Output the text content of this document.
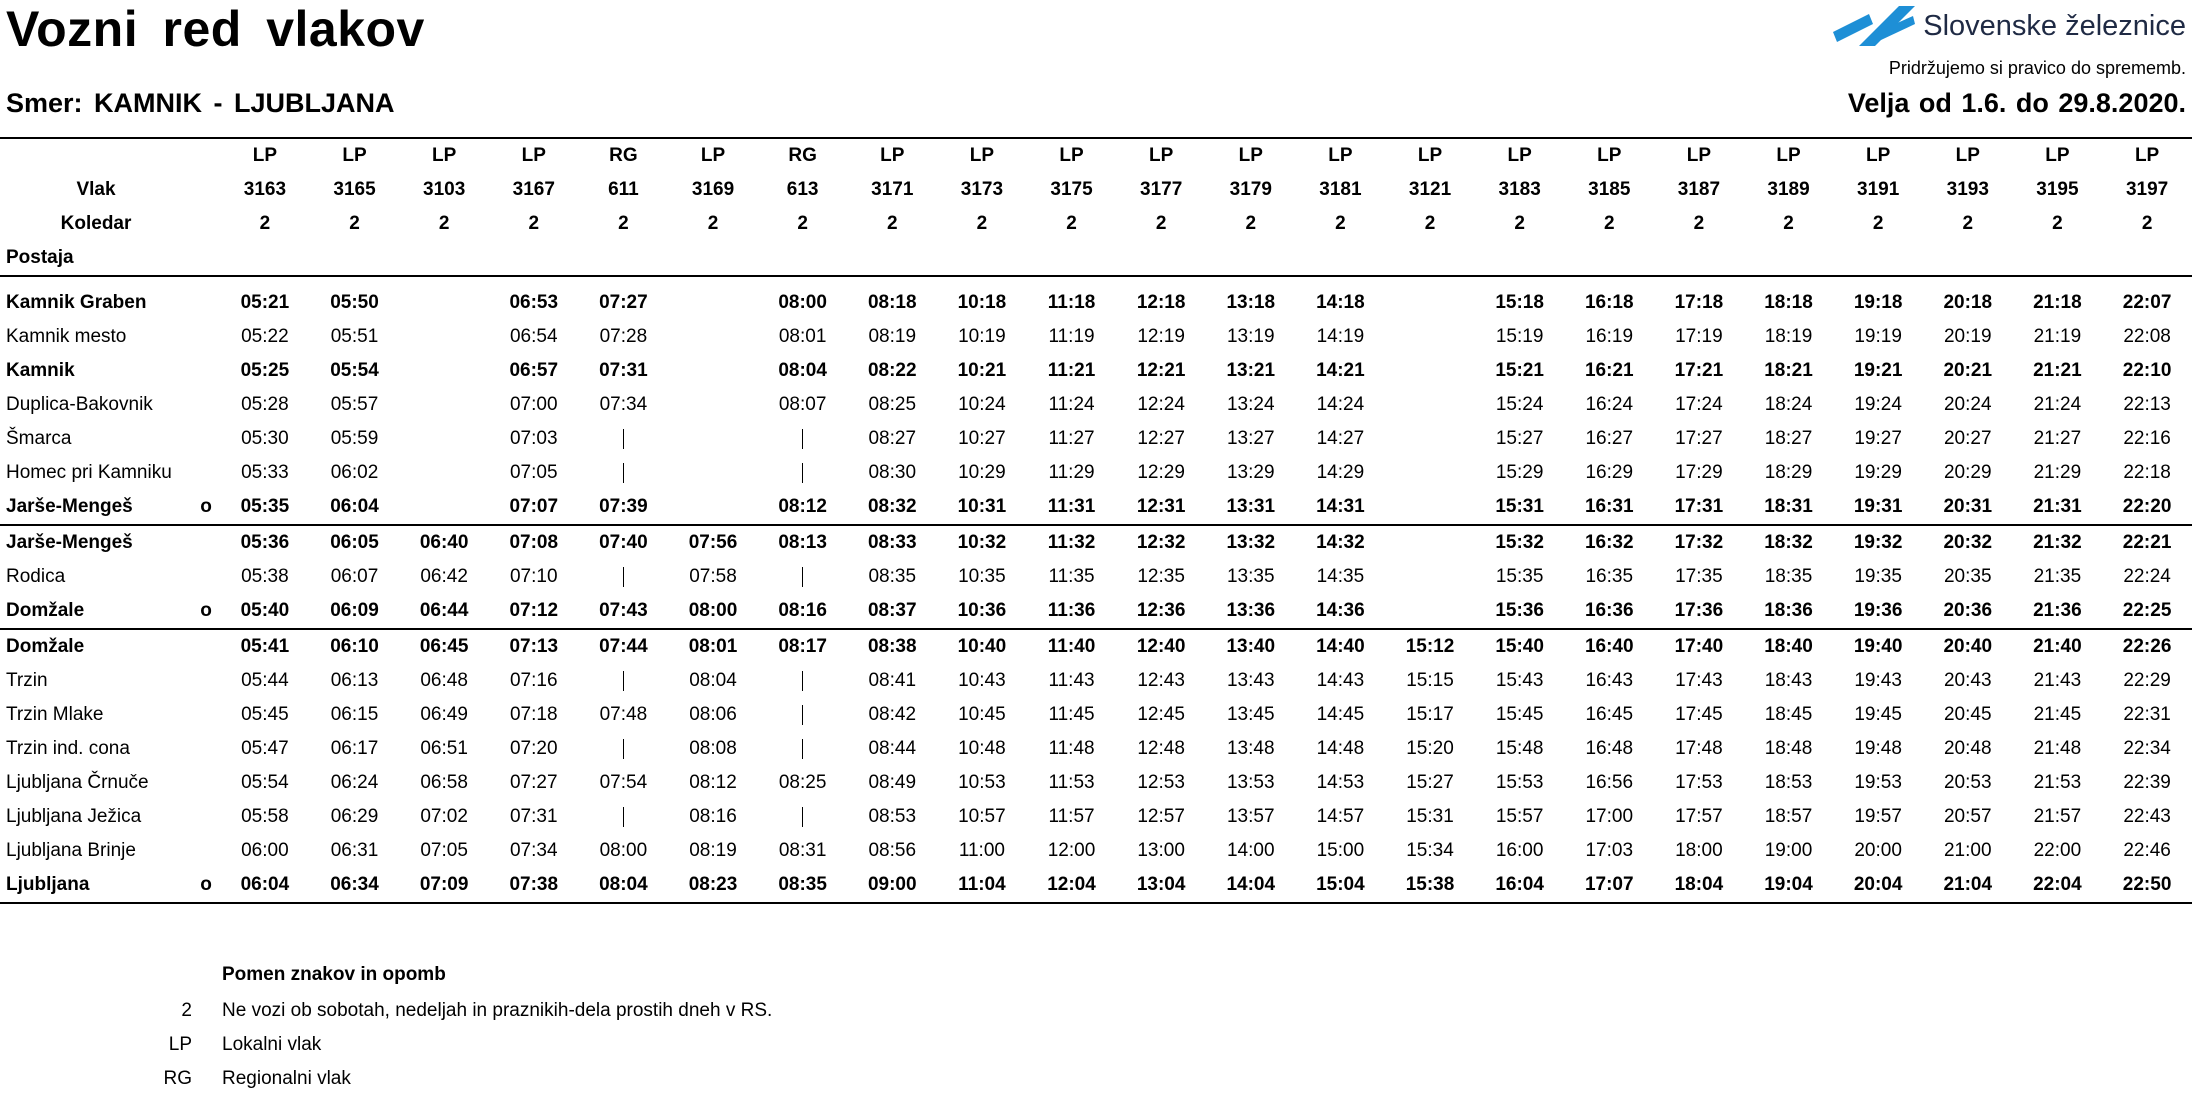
Vozni red vlakov
Smer: KAMNIK - LJUBLJANA
Slovenske železnice
Pridržujemo si pravico do sprememb.
Velja od 1.6. do 29.8.2020.
		LP	LP	LP	LP	RG	LP	RG	LP	LP	LP	LP	LP	LP	LP	LP	LP	LP	LP	LP	LP	LP	LP
Vlak		3163	3165	3103	3167	611	3169	613	3171	3173	3175	3177	3179	3181	3121	3183	3185	3187	3189	3191	3193	3195	3197
Koledar		2	2	2	2	2	2	2	2	2	2	2	2	2	2	2	2	2	2	2	2	2	2
Postaja																							

Kamnik Graben		05:21	05:50		06:53	07:27		08:00	08:18	10:18	11:18	12:18	13:18	14:18		15:18	16:18	17:18	18:18	19:18	20:18	21:18	22:07
Kamnik mesto		05:22	05:51		06:54	07:28		08:01	08:19	10:19	11:19	12:19	13:19	14:19		15:19	16:19	17:19	18:19	19:19	20:19	21:19	22:08
Kamnik		05:25	05:54		06:57	07:31		08:04	08:22	10:21	11:21	12:21	13:21	14:21		15:21	16:21	17:21	18:21	19:21	20:21	21:21	22:10
Duplica-Bakovnik		05:28	05:57		07:00	07:34		08:07	08:25	10:24	11:24	12:24	13:24	14:24		15:24	16:24	17:24	18:24	19:24	20:24	21:24	22:13
Šmarca		05:30	05:59		07:03				08:27	10:27	11:27	12:27	13:27	14:27		15:27	16:27	17:27	18:27	19:27	20:27	21:27	22:16
Homec pri Kamniku		05:33	06:02		07:05				08:30	10:29	11:29	12:29	13:29	14:29		15:29	16:29	17:29	18:29	19:29	20:29	21:29	22:18
Jarše-Mengeš	o	05:35	06:04		07:07	07:39		08:12	08:32	10:31	11:31	12:31	13:31	14:31		15:31	16:31	17:31	18:31	19:31	20:31	21:31	22:20
Jarše-Mengeš		05:36	06:05	06:40	07:08	07:40	07:56	08:13	08:33	10:32	11:32	12:32	13:32	14:32		15:32	16:32	17:32	18:32	19:32	20:32	21:32	22:21
Rodica		05:38	06:07	06:42	07:10		07:58		08:35	10:35	11:35	12:35	13:35	14:35		15:35	16:35	17:35	18:35	19:35	20:35	21:35	22:24
Domžale	o	05:40	06:09	06:44	07:12	07:43	08:00	08:16	08:37	10:36	11:36	12:36	13:36	14:36		15:36	16:36	17:36	18:36	19:36	20:36	21:36	22:25
Domžale		05:41	06:10	06:45	07:13	07:44	08:01	08:17	08:38	10:40	11:40	12:40	13:40	14:40	15:12	15:40	16:40	17:40	18:40	19:40	20:40	21:40	22:26
Trzin		05:44	06:13	06:48	07:16		08:04		08:41	10:43	11:43	12:43	13:43	14:43	15:15	15:43	16:43	17:43	18:43	19:43	20:43	21:43	22:29
Trzin Mlake		05:45	06:15	06:49	07:18	07:48	08:06		08:42	10:45	11:45	12:45	13:45	14:45	15:17	15:45	16:45	17:45	18:45	19:45	20:45	21:45	22:31
Trzin ind. cona		05:47	06:17	06:51	07:20		08:08		08:44	10:48	11:48	12:48	13:48	14:48	15:20	15:48	16:48	17:48	18:48	19:48	20:48	21:48	22:34
Ljubljana Črnuče		05:54	06:24	06:58	07:27	07:54	08:12	08:25	08:49	10:53	11:53	12:53	13:53	14:53	15:27	15:53	16:56	17:53	18:53	19:53	20:53	21:53	22:39
Ljubljana Ježica		05:58	06:29	07:02	07:31		08:16		08:53	10:57	11:57	12:57	13:57	14:57	15:31	15:57	17:00	17:57	18:57	19:57	20:57	21:57	22:43
Ljubljana Brinje		06:00	06:31	07:05	07:34	08:00	08:19	08:31	08:56	11:00	12:00	13:00	14:00	15:00	15:34	16:00	17:03	18:00	19:00	20:00	21:00	22:00	22:46
Ljubljana	o	06:04	06:34	07:09	07:38	08:04	08:23	08:35	09:00	11:04	12:04	13:04	14:04	15:04	15:38	16:04	17:07	18:04	19:04	20:04	21:04	22:04	22:50
Pomen znakov in opomb
2 Ne vozi ob sobotah, nedeljah in praznikih-dela prostih dneh v RS.
LP Lokalni vlak
RG Regionalni vlak
